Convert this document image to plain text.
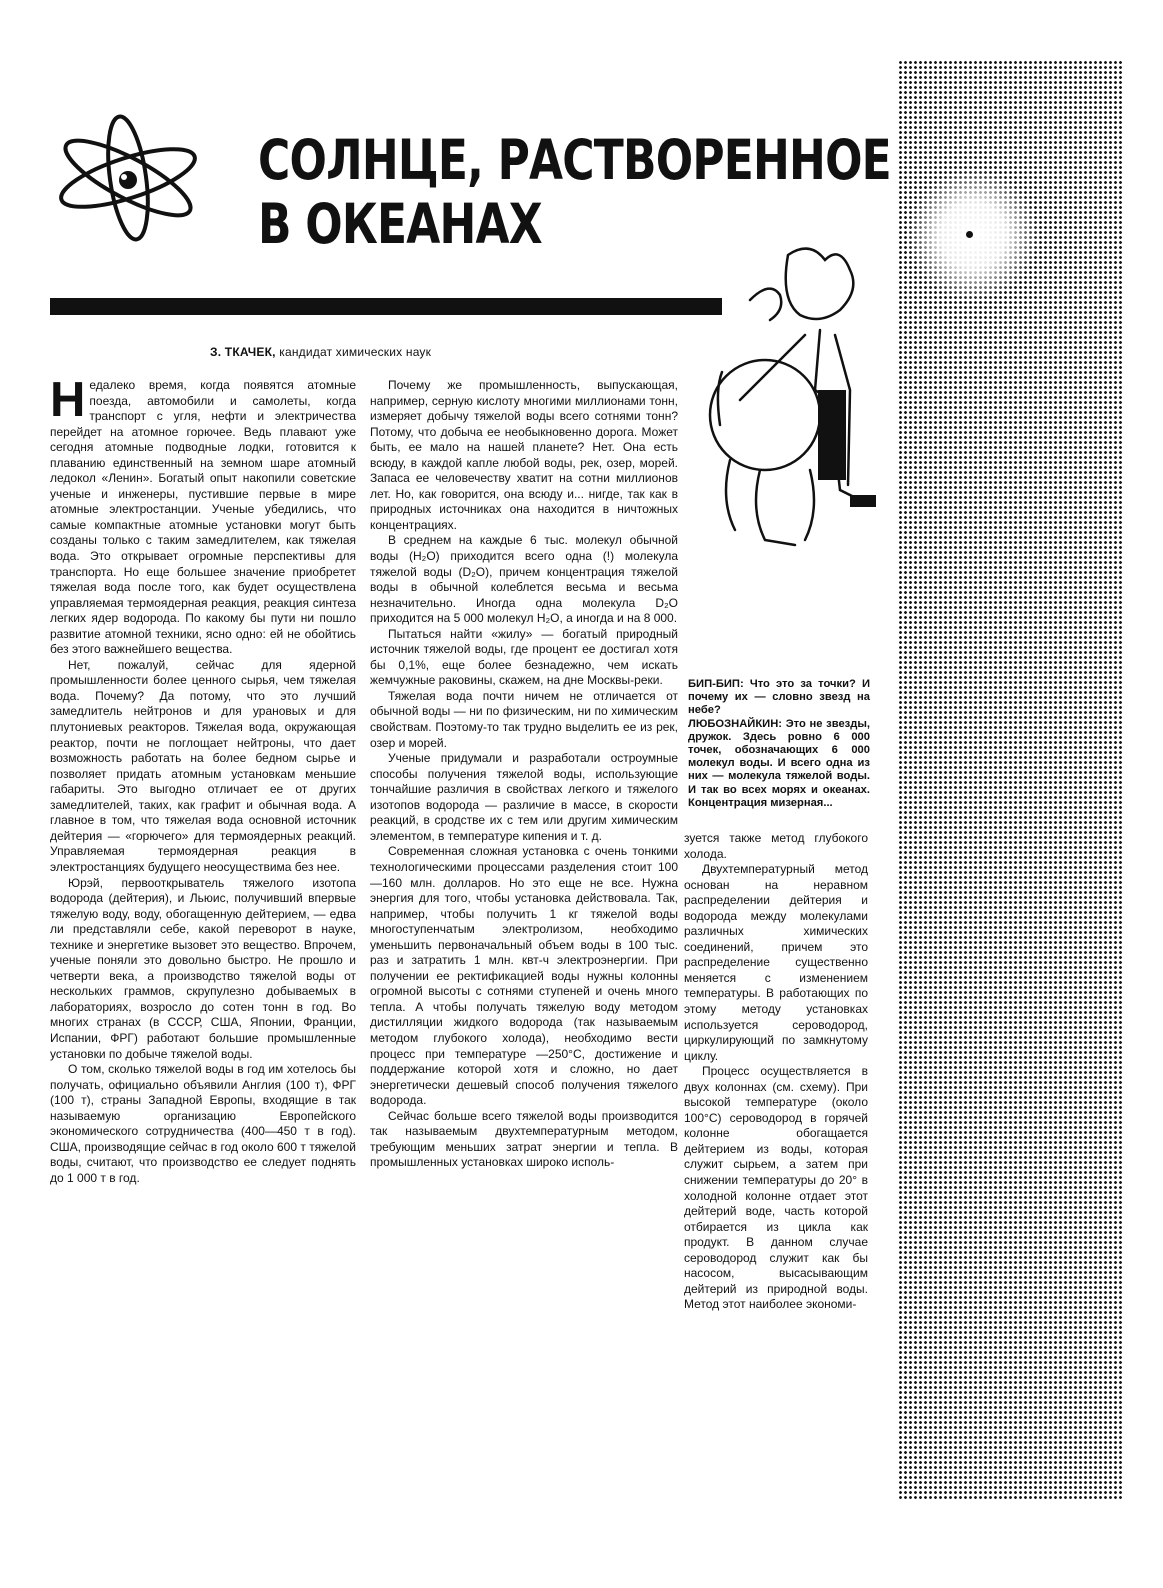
СОЛНЦЕ, РАСТВОРЕННОЕ
В ОКЕАНАХ
З. ТКАЧЕК, кандидат химических наук

Недалеко время, когда появятся атомные поезда, автомобили и самолеты, когда транспорт с угля, нефти и электричества перейдет на атомное горючее. Ведь плавают уже сегодня атомные подводные лодки, готовится к плаванию единственный на земном шаре атомный ледокол «Ленин». Богатый опыт накопили советские ученые и инженеры, пустившие первые в мире атомные электростанции. Ученые убедились, что самые компактные атомные установки могут быть созданы только с таким замедлителем, как тяжелая вода. Это открывает огромные перспективы для транспорта. Но еще большее значение приобретет тяжелая вода после того, как будет осуществлена управляемая термоядерная реакция, реакция синтеза легких ядер водорода. По какому бы пути ни пошло развитие атомной техники, ясно одно: ей не обойтись без этого важнейшего вещества.

Нет, пожалуй, сейчас для ядерной промышленности более ценного сырья, чем тяжелая вода. Почему? Да потому, что это лучший замедлитель нейтронов и для урановых и для плутониевых реакторов. Тяжелая вода, окружающая реактор, почти не поглощает нейтроны, что дает возможность работать на более бедном сырье и позволяет придать атомным установкам меньшие габариты. Это выгодно отличает ее от других замедлителей, таких, как графит и обычная вода. А главное в том, что тяжелая вода основной источник дейтерия — «горючего» для термоядерных реакций. Управляемая термоядерная реакция в электростанциях будущего неосуществима без нее.

Юрэй, первооткрыватель тяжелого изотопа водорода (дейтерия), и Льюис, получивший впервые тяжелую воду, воду, обогащенную дейтерием, — едва ли представляли себе, какой переворот в науке, технике и энергетике вызовет это вещество. Впрочем, ученые поняли это довольно быстро. Не прошло и четверти века, а производство тяжелой воды от нескольких граммов, скрупулезно добываемых в лабораториях, возросло до сотен тонн в год. Во многих странах (в СССР, США, Японии, Франции, Испании, ФРГ) работают большие промышленные установки по добыче тяжелой воды.

О том, сколько тяжелой воды в год им хотелось бы получать, официально объявили Англия (100 т), ФРГ (100 т), страны Западной Европы, входящие в так называемую организацию Европейского экономического сотрудничества (400—450 т в год). США, производящие сейчас в год около 600 т тяжелой воды, считают, что производство ее следует поднять до 1 000 т в год.

Почему же промышленность, выпускающая, например, серную кислоту многими миллионами тонн, измеряет добычу тяжелой воды всего сотнями тонн? Потому, что добыча ее необыкновенно дорога. Может быть, ее мало на нашей планете? Нет. Она есть всюду, в каждой капле любой воды, рек, озер, морей. Запаса ее человечеству хватит на сотни миллионов лет. Но, как говорится, она всюду и... нигде, так как в природных источниках она находится в ничтожных концентрациях.

В среднем на каждые 6 тыс. молекул обычной воды (H₂O) приходится всего одна (!) молекула тяжелой воды (D₂O), причем концентрация тяжелой воды в обычной колеблется весьма и весьма незначительно. Иногда одна молекула D₂O приходится на 5 000 молекул H₂O, а иногда и на 8 000.

Пытаться найти «жилу» — богатый природный источник тяжелой воды, где процент ее достигал хотя бы 0,1%, еще более безнадежно, чем искать жемчужные раковины, скажем, на дне Москвы-реки.

Тяжелая вода почти ничем не отличается от обычной воды — ни по физическим, ни по химическим свойствам. Поэтому-то так трудно выделить ее из рек, озер и морей.

Ученые придумали и разработали остроумные способы получения тяжелой воды, использующие тончайшие различия в свойствах легкого и тяжелого изотопов водорода — различие в массе, в скорости реакций, в сродстве их с тем или другим химическим элементом, в температуре кипения и т. д.

Современная сложная установка с очень тонкими технологическими процессами разделения стоит 100—160 млн. долларов. Но это еще не все. Нужна энергия для того, чтобы установка действовала. Так, например, чтобы получить 1 кг тяжелой воды многоступенчатым электролизом, необходимо уменьшить первоначальный объем воды в 100 тыс. раз и затратить 1 млн. квт-ч электроэнергии. При получении ее ректификацией воды нужны колонны огромной высоты с сотнями ступеней и очень много тепла. А чтобы получать тяжелую воду методом дистилляции жидкого водорода (так называемым методом глубокого холода), необходимо вести процесс при температуре —250°С, достижение и поддержание которой хотя и сложно, но дает энергетически дешевый способ получения тяжелого водорода.

Сейчас больше всего тяжелой воды производится так называемым двухтемпературным методом, требующим меньших затрат энергии и тепла. В промышленных установках широко исполь-

БИП-БИП: Что это за точки? И почему их — словно звезд на небе?
ЛЮБОЗНАЙКИН: Это не звезды, дружок. Здесь ровно 6 000 точек, обозначающих 6 000 молекул воды. И всего одна из них — молекула тяжелой воды. И так во всех морях и океанах. Концентрация мизерная...

зуется также метод глубокого холода.

Двухтемпературный метод основан на неравном распределении дейтерия и водорода между молекулами различных химических соединений, причем это распределение существенно меняется с изменением температуры. В работающих по этому методу установках используется сероводород, циркулирующий по замкнутому циклу.

Процесс осуществляется в двух колоннах (см. схему). При высокой температуре (около 100°С) сероводород в горячей колонне обогащается дейтерием из воды, которая служит сырьем, а затем при снижении температуры до 20° в холодной колонне отдает этот дейтерий воде, часть которой отбирается из цикла как продукт. В данном случае сероводород служит как бы насосом, высасывающим дейтерий из природной воды. Метод этот наиболее экономи-
